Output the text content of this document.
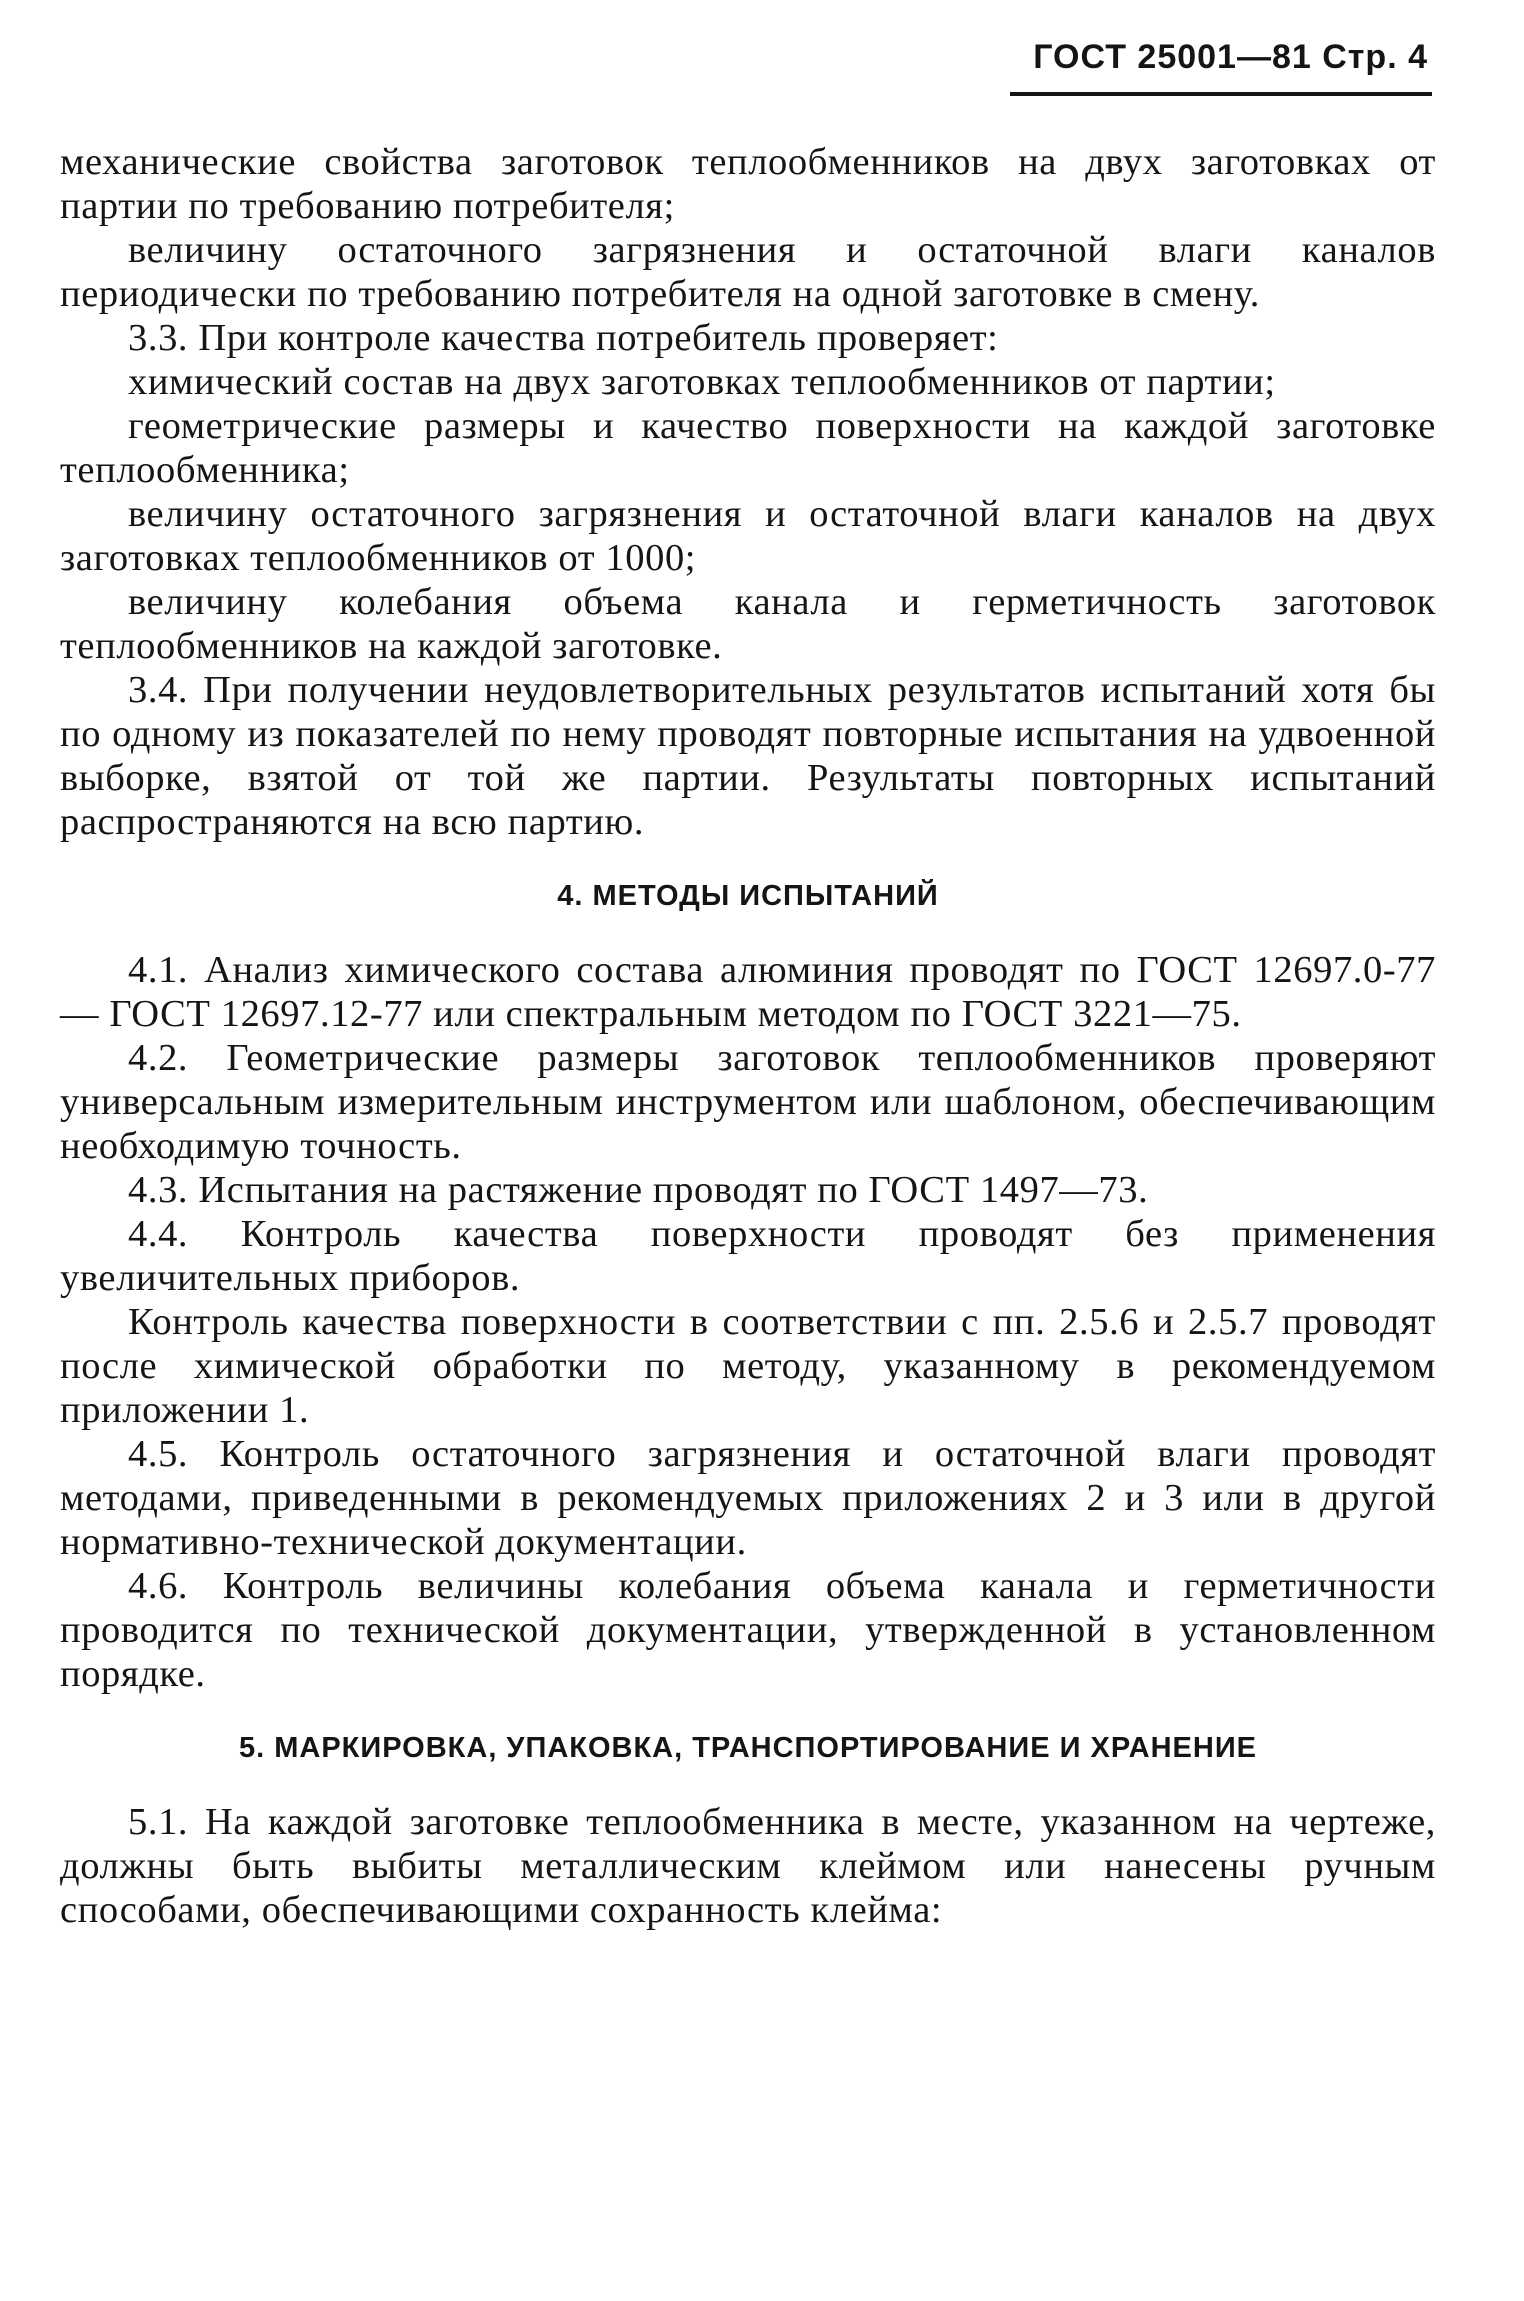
ГОСТ 25001—81 Стр. 4

механические свойства заготовок теплообменников на двух заготовках от партии по требованию потребителя;

величину остаточного загрязнения и остаточной влаги каналов периодически по требованию потребителя на одной заготовке в смену.

3.3. При контроле качества потребитель проверяет:

химический состав на двух заготовках теплообменников от партии;

геометрические размеры и качество поверхности на каждой заготовке теплообменника;

величину остаточного загрязнения и остаточной влаги каналов на двух заготовках теплообменников от 1000;

величину колебания объема канала и герметичность заготовок теплообменников на каждой заготовке.

3.4. При получении неудовлетворительных результатов испытаний хотя бы по одному из показателей по нему проводят повторные испытания на удвоенной выборке, взятой от той же партии. Результаты повторных испытаний распространяются на всю партию.

4. МЕТОДЫ ИСПЫТАНИЙ

4.1. Анализ химического состава алюминия проводят по ГОСТ 12697.0-77 — ГОСТ 12697.12-77 или спектральным методом по ГОСТ 3221—75.

4.2. Геометрические размеры заготовок теплообменников проверяют универсальным измерительным инструментом или шаблоном, обеспечивающим необходимую точность.

4.3. Испытания на растяжение проводят по ГОСТ 1497—73.

4.4. Контроль качества поверхности проводят без применения увеличительных приборов.

Контроль качества поверхности в соответствии с пп. 2.5.6 и 2.5.7 проводят после химической обработки по методу, указанному в рекомендуемом приложении 1.

4.5. Контроль остаточного загрязнения и остаточной влаги проводят методами, приведенными в рекомендуемых приложениях 2 и 3 или в другой нормативно-технической документации.

4.6. Контроль величины колебания объема канала и герметичности проводится по технической документации, утвержденной в установленном порядке.

5. МАРКИРОВКА, УПАКОВКА, ТРАНСПОРТИРОВАНИЕ И ХРАНЕНИЕ

5.1. На каждой заготовке теплообменника в месте, указанном на чертеже, должны быть выбиты металлическим клеймом или нанесены ручным способами, обеспечивающими сохранность клейма:
